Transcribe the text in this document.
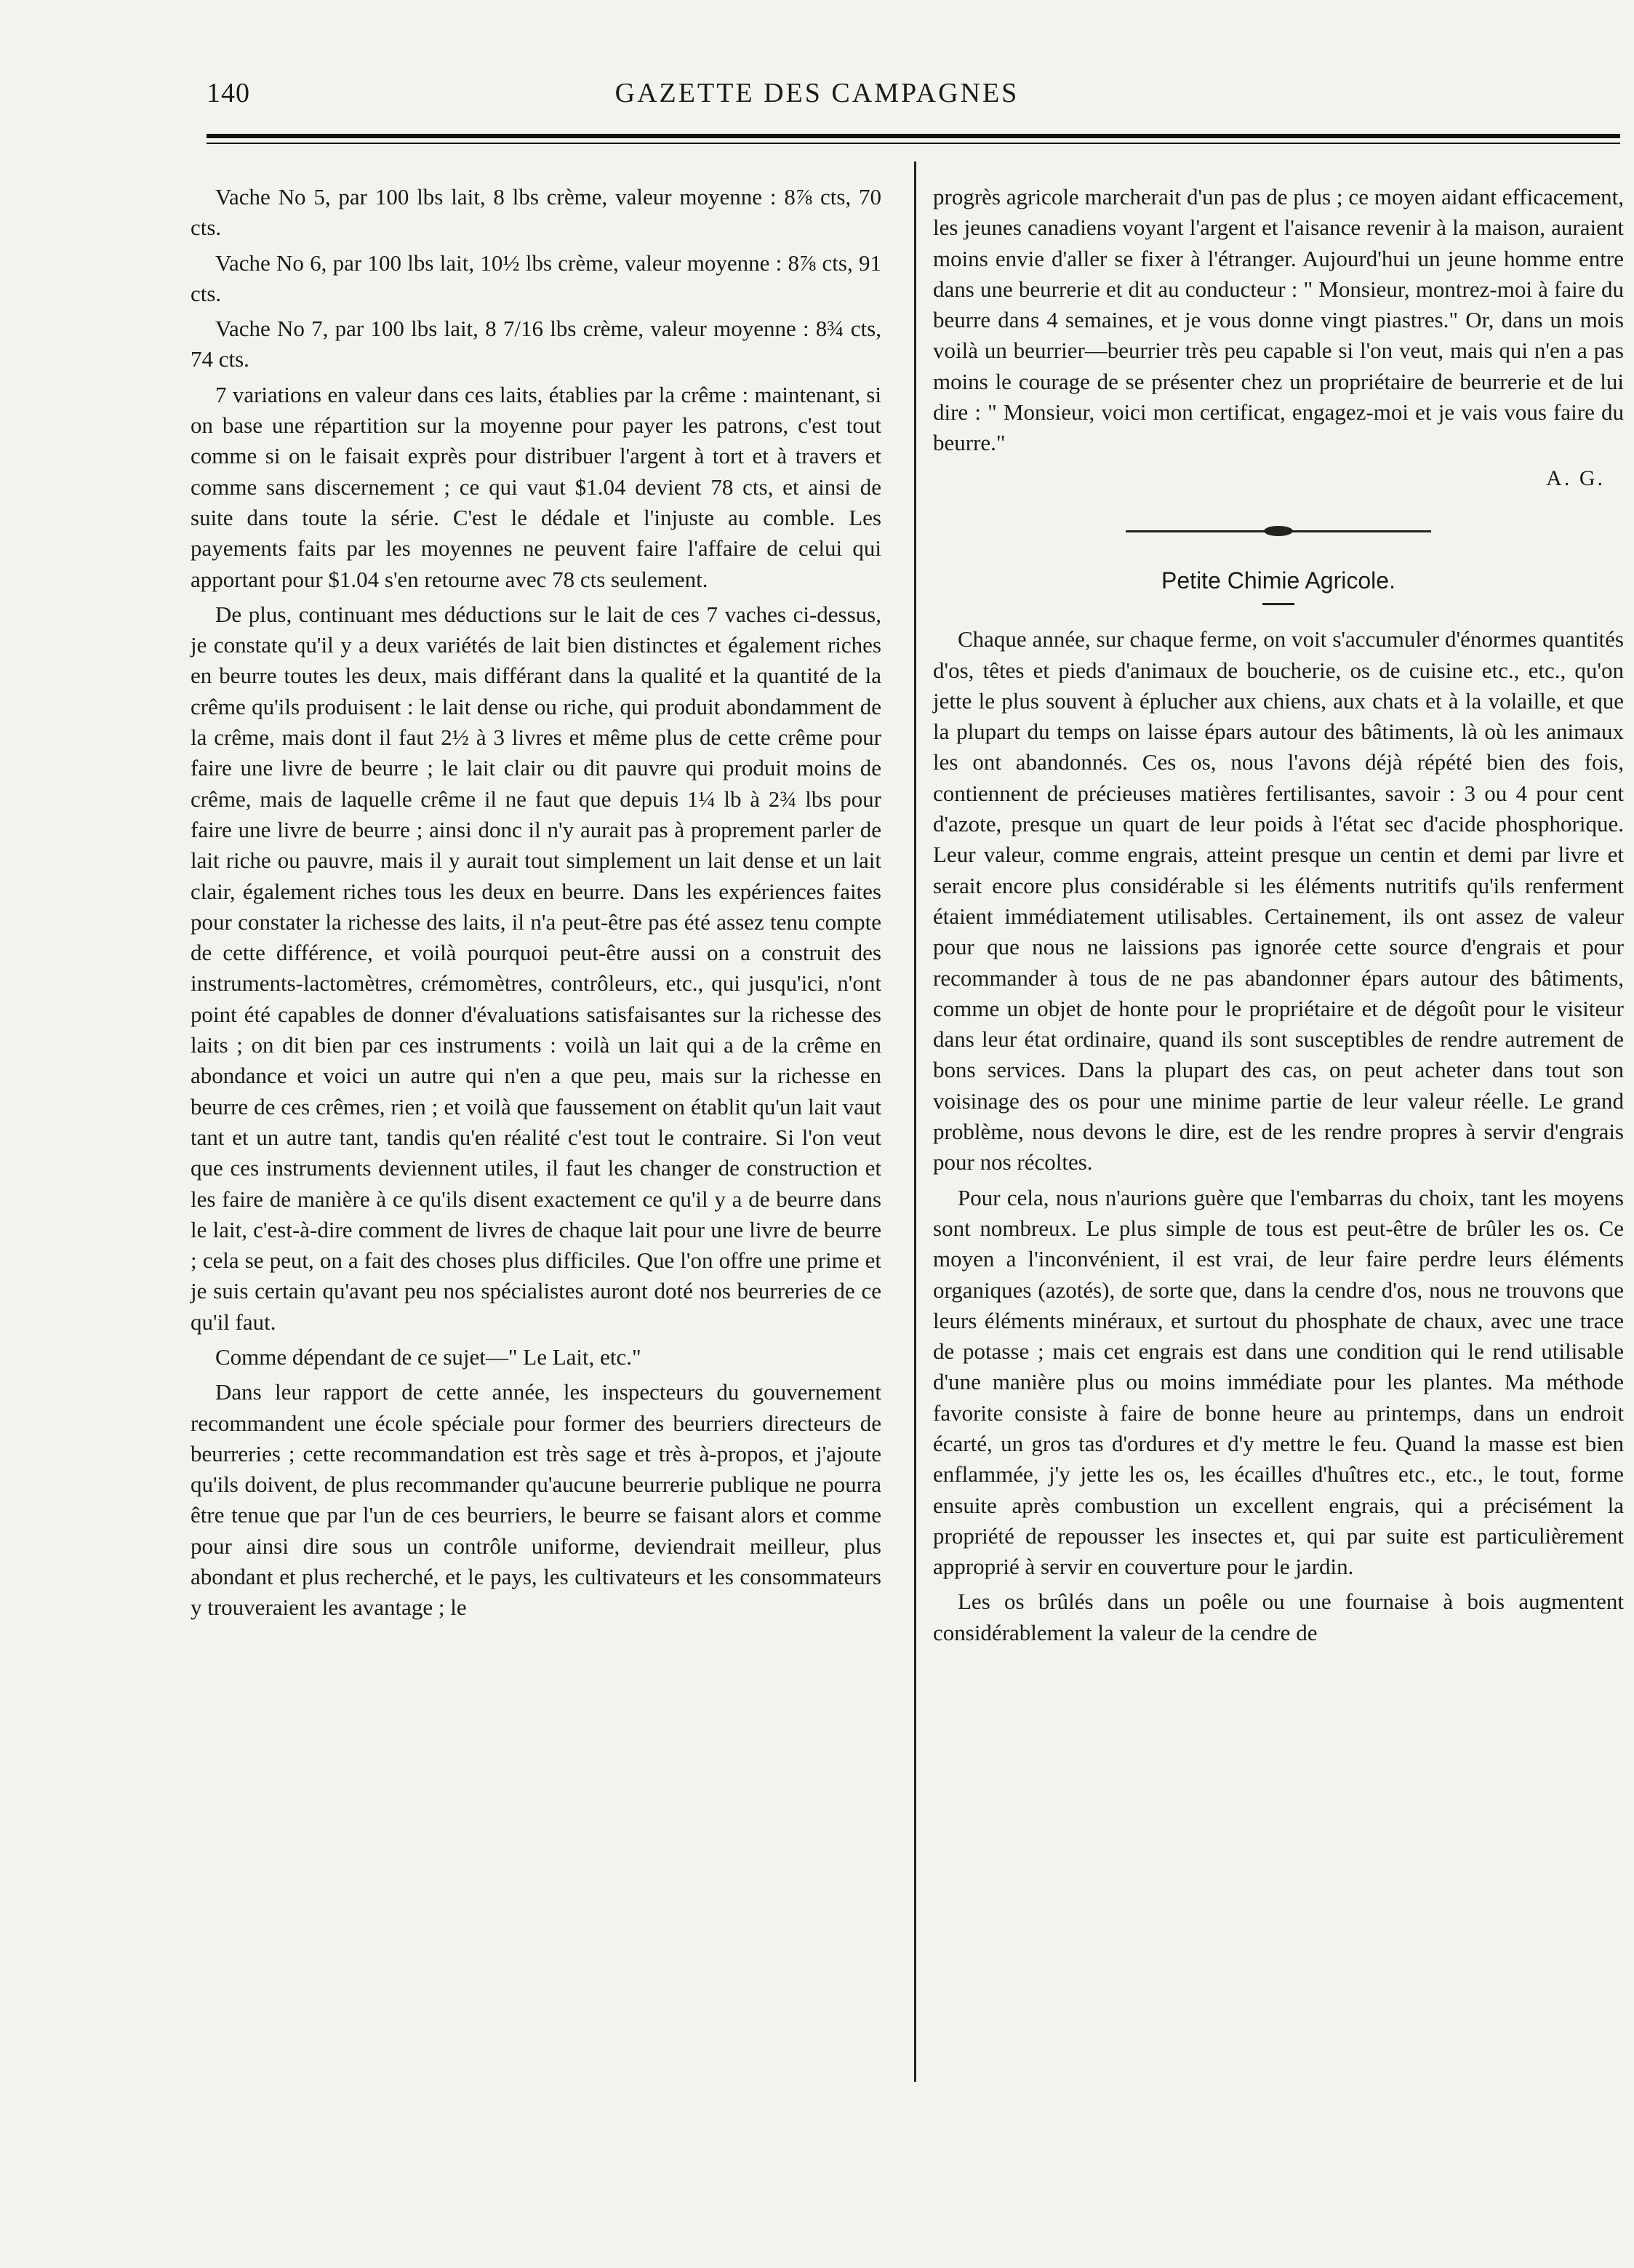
140	GAZETTE DES CAMPAGNES

Vache No 5, par 100 lbs lait, 8 lbs crème, valeur moyenne : 8⅞ cts, 70 cts.

Vache No 6, par 100 lbs lait, 10½ lbs crème, valeur moyenne : 8⅞ cts, 91 cts.

Vache No 7, par 100 lbs lait, 8 7/16 lbs crème, valeur moyenne : 8¾ cts, 74 cts.

7 variations en valeur dans ces laits, établies par la crême : maintenant, si on base une répartition sur la moyenne pour payer les patrons, c'est tout comme si on le faisait exprès pour distribuer l'argent à tort et à travers et comme sans discernement ; ce qui vaut $1.04 devient 78 cts, et ainsi de suite dans toute la série. C'est le dédale et l'injuste au comble. Les payements faits par les moyennes ne peuvent faire l'affaire de celui qui apportant pour $1.04 s'en retourne avec 78 cts seulement.

De plus, continuant mes déductions sur le lait de ces 7 vaches ci-dessus, je constate qu'il y a deux variétés de lait bien distinctes et également riches en beurre toutes les deux, mais différant dans la qualité et la quantité de la crême qu'ils produisent : le lait dense ou riche, qui produit abondamment de la crême, mais dont il faut 2½ à 3 livres et même plus de cette crême pour faire une livre de beurre ; le lait clair ou dit pauvre qui produit moins de crême, mais de laquelle crême il ne faut que depuis 1¼ lb à 2¾ lbs pour faire une livre de beurre ; ainsi donc il n'y aurait pas à proprement parler de lait riche ou pauvre, mais il y aurait tout simplement un lait dense et un lait clair, également riches tous les deux en beurre. Dans les expériences faites pour constater la richesse des laits, il n'a peut-être pas été assez tenu compte de cette différence, et voilà pourquoi peut-être aussi on a construit des instruments-lactomètres, crémomètres, contrôleurs, etc., qui jusqu'ici, n'ont point été capables de donner d'évaluations satisfaisantes sur la richesse des laits ; on dit bien par ces instruments : voilà un lait qui a de la crême en abondance et voici un autre qui n'en a que peu, mais sur la richesse en beurre de ces crêmes, rien ; et voilà que faussement on établit qu'un lait vaut tant et un autre tant, tandis qu'en réalité c'est tout le contraire. Si l'on veut que ces instruments deviennent utiles, il faut les changer de construction et les faire de manière à ce qu'ils disent exactement ce qu'il y a de beurre dans le lait, c'est-à-dire comment de livres de chaque lait pour une livre de beurre ; cela se peut, on a fait des choses plus difficiles. Que l'on offre une prime et je suis certain qu'avant peu nos spécialistes auront doté nos beurreries de ce qu'il faut.

Comme dépendant de ce sujet—" Le Lait, etc."

Dans leur rapport de cette année, les inspecteurs du gouvernement recommandent une école spéciale pour former des beurriers directeurs de beurreries ; cette recommandation est très sage et très à-propos, et j'ajoute qu'ils doivent, de plus recommander qu'aucune beurrerie publique ne pourra être tenue que par l'un de ces beurriers, le beurre se faisant alors et comme pour ainsi dire sous un contrôle uniforme, deviendrait meilleur, plus abondant et plus recherché, et le pays, les cultivateurs et les consommateurs y trouveraient les avantage ; le

progrès agricole marcherait d'un pas de plus ; ce moyen aidant efficacement, les jeunes canadiens voyant l'argent et l'aisance revenir à la maison, auraient moins envie d'aller se fixer à l'étranger. Aujourd'hui un jeune homme entre dans une beurrerie et dit au conducteur : " Monsieur, montrez-moi à faire du beurre dans 4 semaines, et je vous donne vingt piastres." Or, dans un mois voilà un beurrier—beurrier très peu capable si l'on veut, mais qui n'en a pas moins le courage de se présenter chez un propriétaire de beurrerie et de lui dire : " Monsieur, voici mon certificat, engagez-moi et je vais vous faire du beurre."

A. G.
Petite Chimie Agricole.

Chaque année, sur chaque ferme, on voit s'accumuler d'énormes quantités d'os, têtes et pieds d'animaux de boucherie, os de cuisine etc., etc., qu'on jette le plus souvent à éplucher aux chiens, aux chats et à la volaille, et que la plupart du temps on laisse épars autour des bâtiments, là où les animaux les ont abandonnés. Ces os, nous l'avons déjà répété bien des fois, contiennent de précieuses matières fertilisantes, savoir : 3 ou 4 pour cent d'azote, presque un quart de leur poids à l'état sec d'acide phosphorique. Leur valeur, comme engrais, atteint presque un centin et demi par livre et serait encore plus considérable si les éléments nutritifs qu'ils renferment étaient immédiatement utilisables. Certainement, ils ont assez de valeur pour que nous ne laissions pas ignorée cette source d'engrais et pour recommander à tous de ne pas abandonner épars autour des bâtiments, comme un objet de honte pour le propriétaire et de dégoût pour le visiteur dans leur état ordinaire, quand ils sont susceptibles de rendre autrement de bons services. Dans la plupart des cas, on peut acheter dans tout son voisinage des os pour une minime partie de leur valeur réelle. Le grand problème, nous devons le dire, est de les rendre propres à servir d'engrais pour nos récoltes.

Pour cela, nous n'aurions guère que l'embarras du choix, tant les moyens sont nombreux. Le plus simple de tous est peut-être de brûler les os. Ce moyen a l'inconvénient, il est vrai, de leur faire perdre leurs éléments organiques (azotés), de sorte que, dans la cendre d'os, nous ne trouvons que leurs éléments minéraux, et surtout du phosphate de chaux, avec une trace de potasse ; mais cet engrais est dans une condition qui le rend utilisable d'une manière plus ou moins immédiate pour les plantes. Ma méthode favorite consiste à faire de bonne heure au printemps, dans un endroit écarté, un gros tas d'ordures et d'y mettre le feu. Quand la masse est bien enflammée, j'y jette les os, les écailles d'huîtres etc., etc., le tout, forme ensuite après combustion un excellent engrais, qui a précisément la propriété de repousser les insectes et, qui par suite est particulièrement approprié à servir en couverture pour le jardin.

Les os brûlés dans un poêle ou une fournaise à bois augmentent considérablement la valeur de la cendre de
